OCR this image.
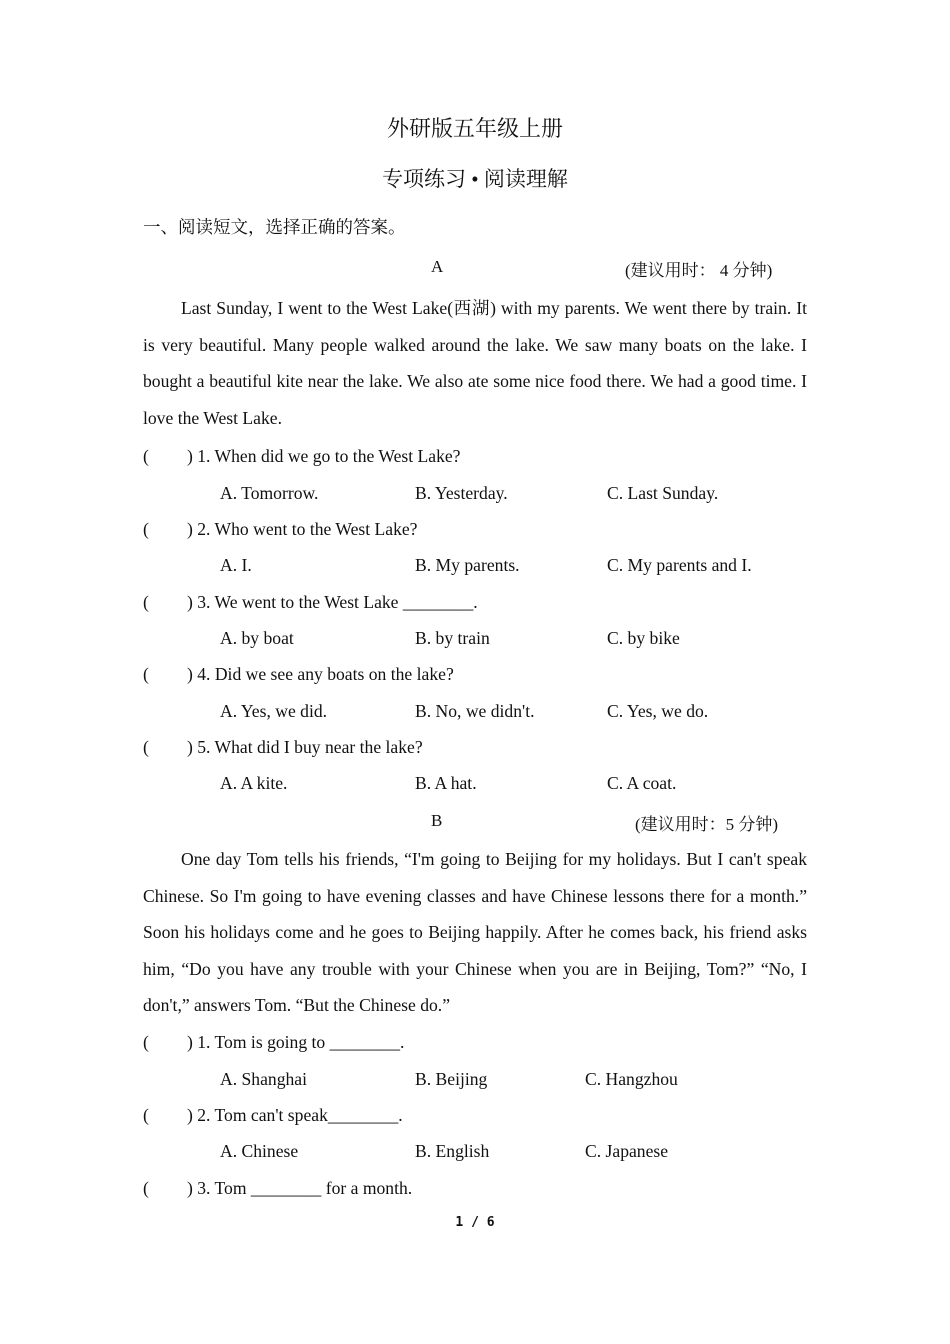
外研版五年级上册
专项练习 • 阅读理解
一、阅读短文，选择正确的答案。
A	(建议用时： 4 分钟)
Last Sunday, I went to the West Lake(西湖) with my parents. We went there by train. It is very beautiful. Many people walked around the lake. We saw many boats on the lake. I bought a beautiful kite near the lake. We also ate some nice food there. We had a good time. I love the West Lake.
( ) 1. When did we go to the West Lake?
A. Tomorrow.	B. Yesterday.	C. Last Sunday.
( ) 2. Who went to the West Lake?
A. I.	B. My parents.	C. My parents and I.
( ) 3. We went to the West Lake ________.
A. by boat	B. by train	C. by bike
( ) 4. Did we see any boats on the lake?
A. Yes, we did.	B. No, we didn't.	C. Yes, we do.
( ) 5. What did I buy near the lake?
A. A kite.	B. A hat.	C. A coat.
B	(建议用时：5 分钟)
One day Tom tells his friends, “I'm going to Beijing for my holidays. But I can't speak Chinese. So I'm going to have evening classes and have Chinese lessons there for a month.” Soon his holidays come and he goes to Beijing happily. After he comes back, his friend asks him, “Do you have any trouble with your Chinese when you are in Beijing, Tom?” “No, I don't,” answers Tom. “But the Chinese do.”
( ) 1. Tom is going to ________.
A. Shanghai	B. Beijing	C. Hangzhou
( ) 2. Tom can't speak________.
A. Chinese	B. English	C. Japanese
( ) 3. Tom ________ for a month.
1 / 6
